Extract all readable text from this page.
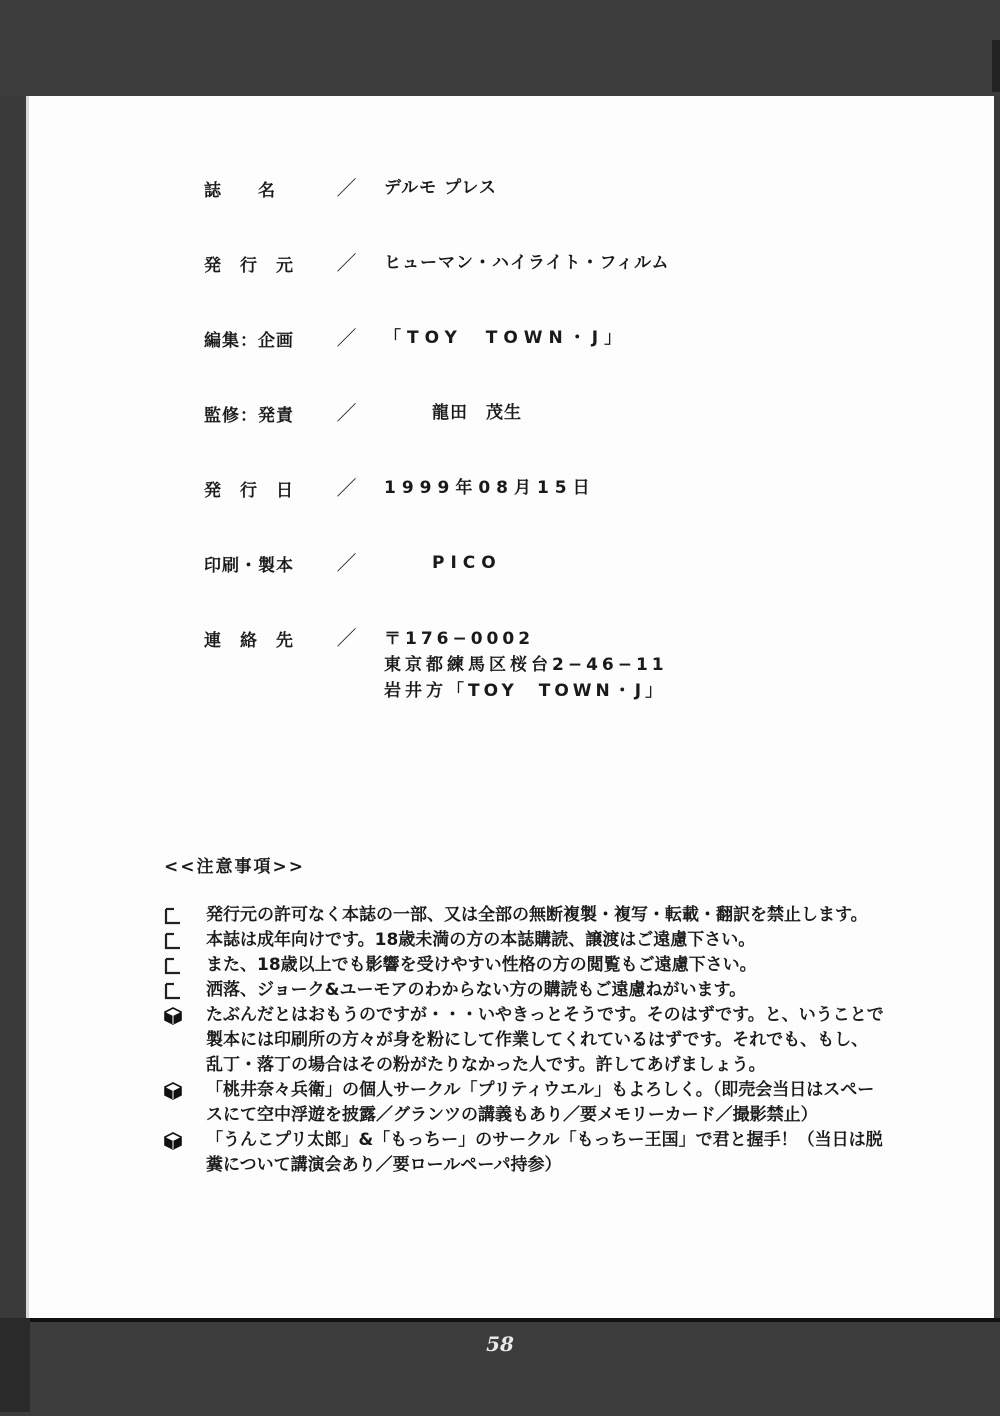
誌　　名	／	デルモ プレス
発　行　元	／	ヒューマン・ハイライト・フィルム
編集：企画	／	「TOY　TOWN・J」
監修：発責	／	龍田　茂生
発　行　日	／	1999年08月15日
印刷・製本	／	PICO
連　絡　先	／	〒176−0002
東京都練馬区桜台2−46−11
岩井方「TOY　TOWN・J」
<<注意事項>>

発行元の許可なく本誌の一部、又は全部の無断複製・複写・転載・翻訳を禁止します。

本誌は成年向けです。18歳未満の方の本誌購読、譲渡はご遠慮下さい。

また、18歳以上でも影響を受けやすい性格の方の閲覧もご遠慮下さい。

洒落、ジョーク&ユーモアのわからない方の購読もご遠慮ねがいます。

たぶんだとはおもうのですが・・・いやきっとそうです。そのはずです。と、いうことで製本には印刷所の方々が身を粉にして作業してくれているはずです。それでも、もし、乱丁・落丁の場合はその粉がたりなかった人です。許してあげましょう。

「桃井奈々兵衛」の個人サークル「プリティウエル」もよろしく。（即売会当日はスペースにて空中浮遊を披露／グランツの講義もあり／要メモリーカード／撮影禁止）

「うんこプリ太郎」&「もっちー」のサークル「もっちー王国」で君と握手！（当日は脱糞について講演会あり／要ロールペーパ持参）

58
